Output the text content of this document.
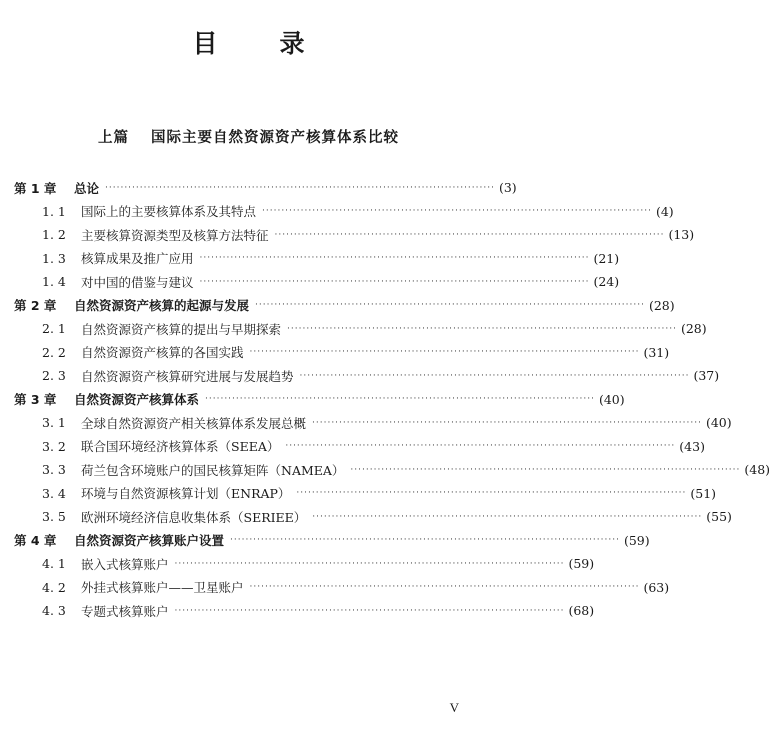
目 录
上篇 国际主要自然资源资产核算体系比较
第 1 章	总论 ····································································································· (3)
1. 1	国际上的主要核算体系及其特点 ····································································································· (4)
1. 2	主要核算资源类型及核算方法特征 ····································································································· (13)
1. 3	核算成果及推广应用 ····································································································· (21)
1. 4	对中国的借鉴与建议 ····································································································· (24)
第 2 章	自然资源资产核算的起源与发展 ····································································································· (28)
2. 1	自然资源资产核算的提出与早期探索 ····································································································· (28)
2. 2	自然资源资产核算的各国实践 ····································································································· (31)
2. 3	自然资源资产核算研究进展与发展趋势 ····································································································· (37)
第 3 章	自然资源资产核算体系 ····································································································· (40)
3. 1	全球自然资源资产相关核算体系发展总概 ····································································································· (40)
3. 2	联合国环境经济核算体系（SEEA） ····································································································· (43)
3. 3	荷兰包含环境账户的国民核算矩阵（NAMEA） ····································································································· (48)
3. 4	环境与自然资源核算计划（ENRAP） ····································································································· (51)
3. 5	欧洲环境经济信息收集体系（SERIEE） ····································································································· (55)
第 4 章	自然资源资产核算账户设置 ····································································································· (59)
4. 1	嵌入式核算账户 ····································································································· (59)
4. 2	外挂式核算账户——卫星账户 ····································································································· (63)
4. 3	专题式核算账户 ····································································································· (68)
V
